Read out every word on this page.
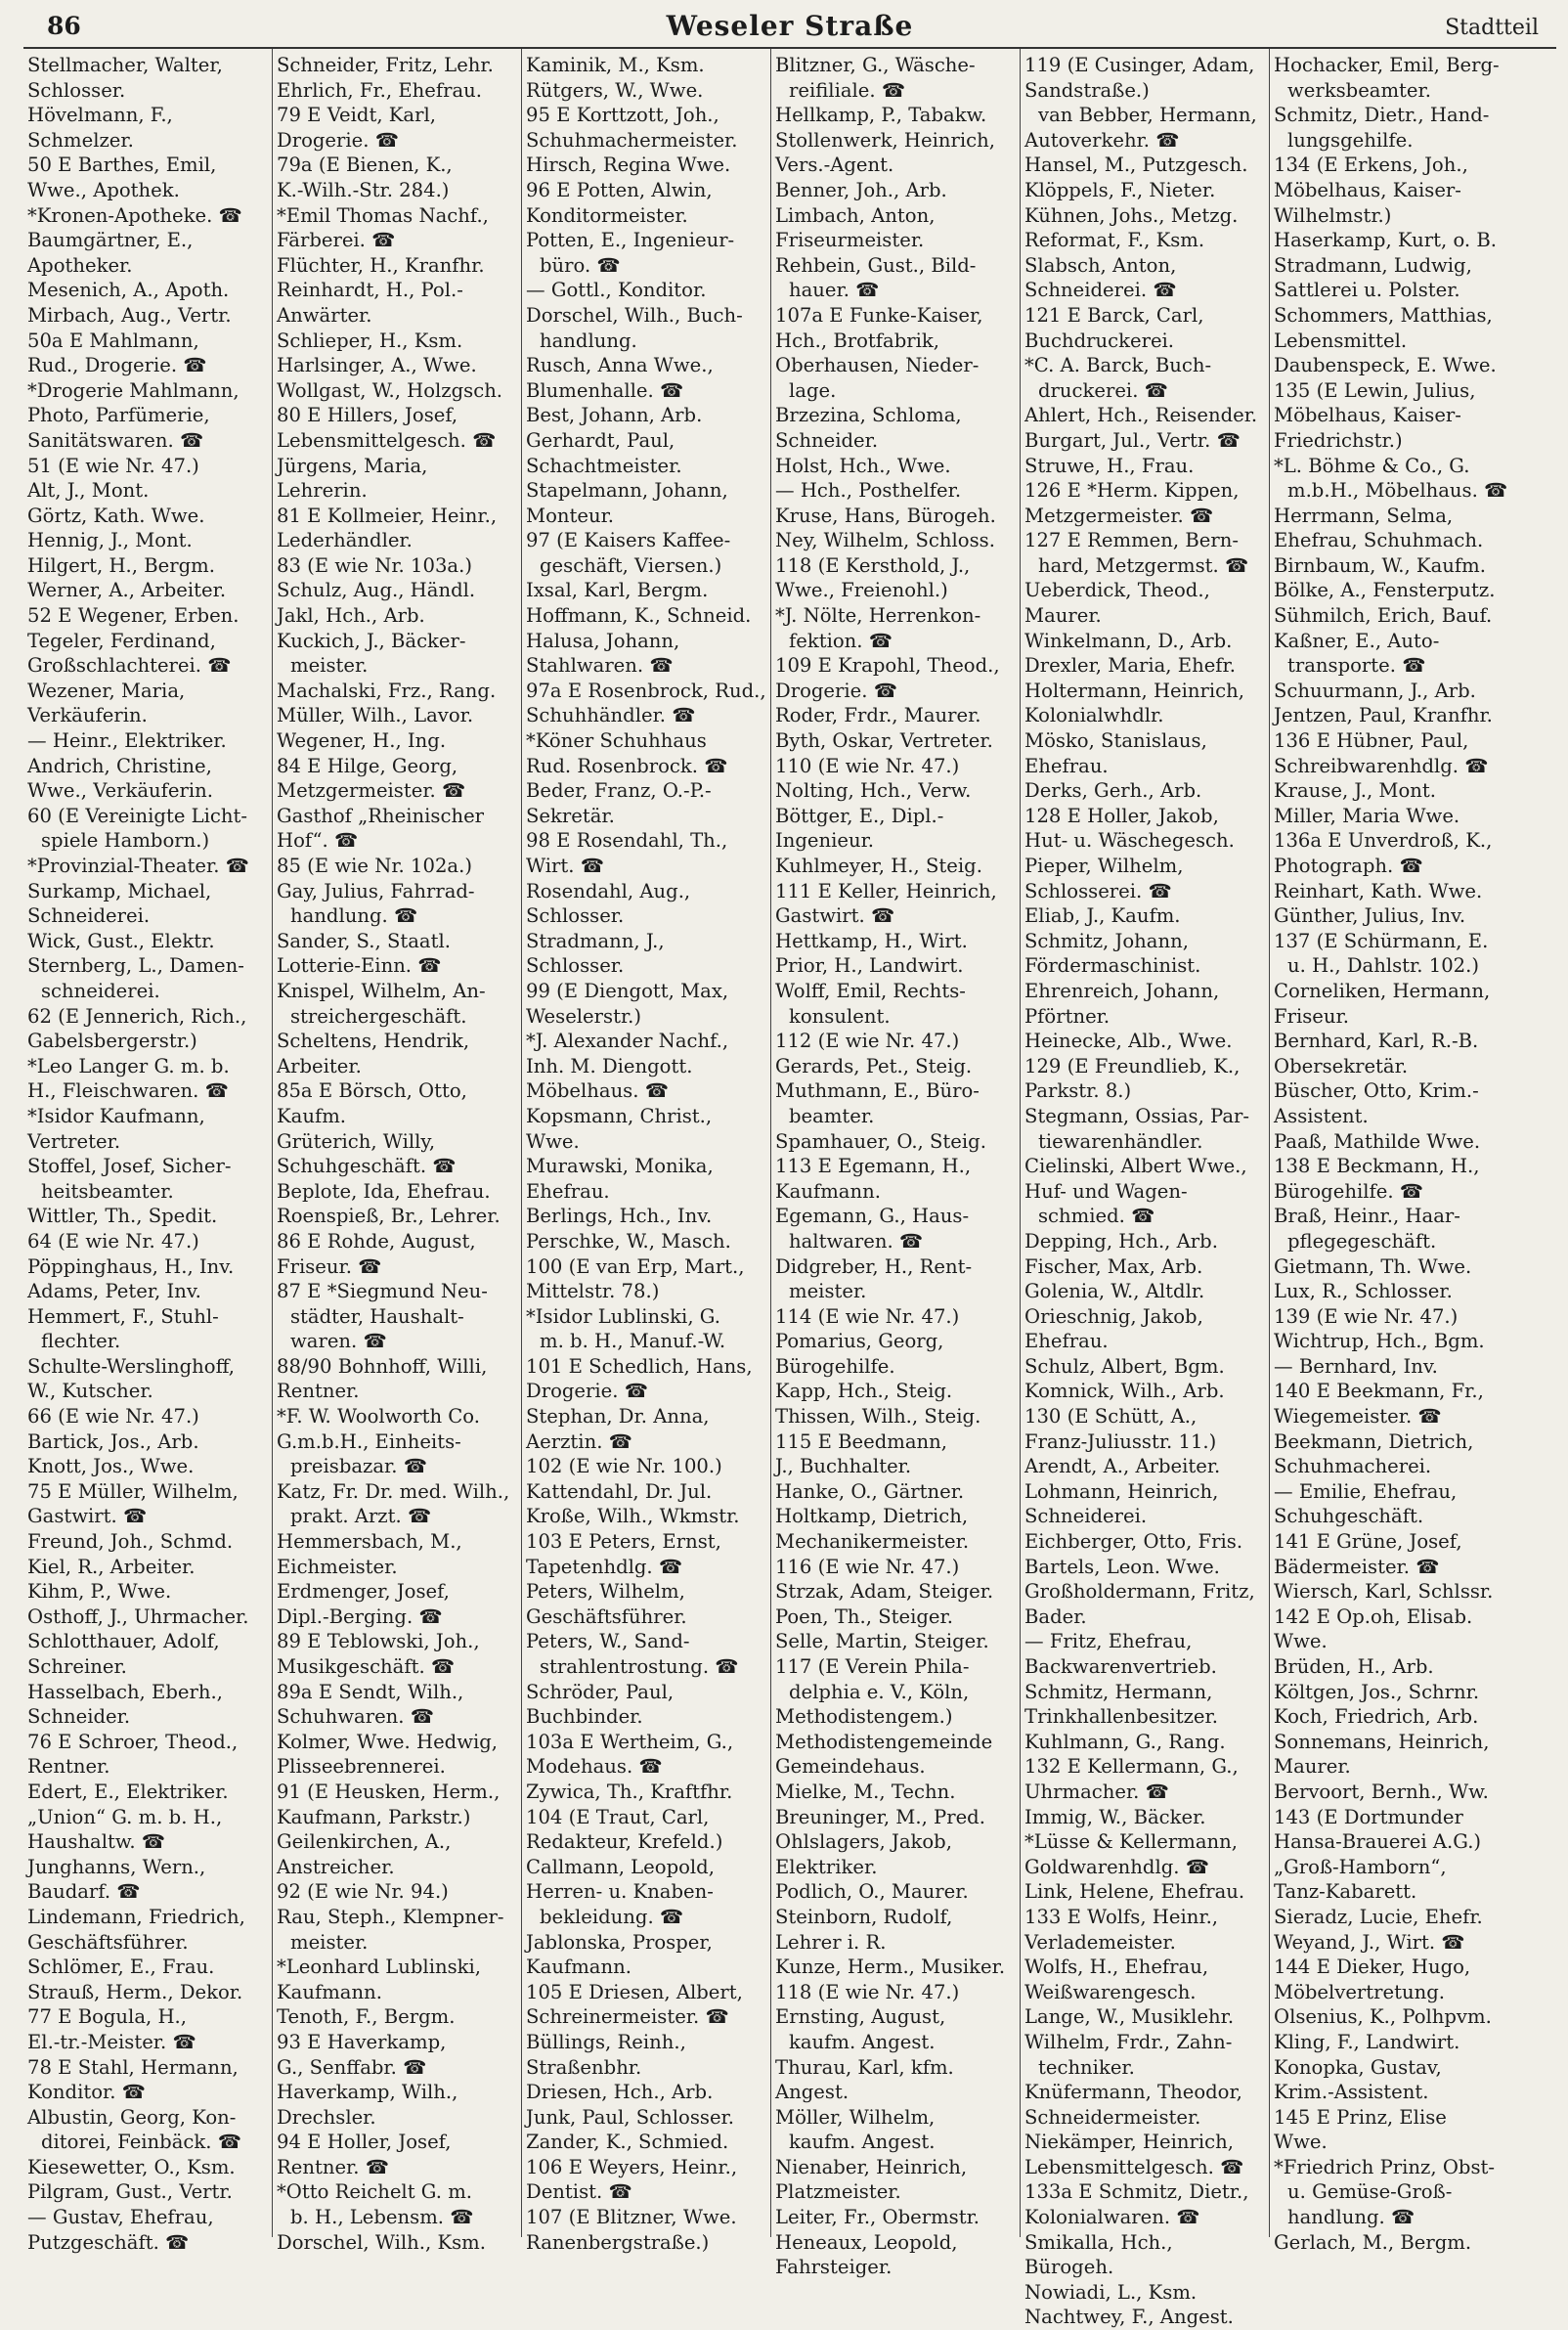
86	Weseler Straße	Stadtteil
Stellmacher, Walter,
Schlosser.
Hövelmann, F.,
Schmelzer.
50 E Barthes, Emil,
Wwe., Apothek.
*Kronen-Apotheke. ☎
Baumgärtner, E.,
Apotheker.
Mesenich, A., Apoth.
Mirbach, Aug., Vertr.
50a E Mahlmann,
Rud., Drogerie. ☎
*Drogerie Mahlmann,
Photo, Parfümerie,
Sanitätswaren. ☎
51 (E wie Nr. 47.)
Alt, J., Mont.
Görtz, Kath. Wwe.
Hennig, J., Mont.
Hilgert, H., Bergm.
Werner, A., Arbeiter.
52 E Wegener, Erben.
Tegeler, Ferdinand,
Großschlachterei. ☎
Wezener, Maria,
Verkäuferin.
— Heinr., Elektriker.
Andrich, Christine,
Wwe., Verkäuferin.
60 (E Vereinigte Licht-
spiele Hamborn.)
*Provinzial-Theater. ☎
Surkamp, Michael,
Schneiderei.
Wick, Gust., Elektr.
Sternberg, L., Damen-
schneiderei.
62 (E Jennerich, Rich.,
Gabelsbergerstr.)
*Leo Langer G. m. b.
H., Fleischwaren. ☎
*Isidor Kaufmann,
Vertreter.
Stoffel, Josef, Sicher-
heitsbeamter.
Wittler, Th., Spedit.
64 (E wie Nr. 47.)
Pöppinghaus, H., Inv.
Adams, Peter, Inv.
Hemmert, F., Stuhl-
flechter.
Schulte-Werslinghoff,
W., Kutscher.
66 (E wie Nr. 47.)
Bartick, Jos., Arb.
Knott, Jos., Wwe.
75 E Müller, Wilhelm,
Gastwirt. ☎
Freund, Joh., Schmd.
Kiel, R., Arbeiter.
Kihm, P., Wwe.
Osthoff, J., Uhrmacher.
Schlotthauer, Adolf,
Schreiner.
Hasselbach, Eberh.,
Schneider.
76 E Schroer, Theod.,
Rentner.
Edert, E., Elektriker.
„Union“ G. m. b. H.,
Haushaltw. ☎
Junghanns, Wern.,
Baudarf. ☎
Lindemann, Friedrich,
Geschäftsführer.
Schlömer, E., Frau.
Strauß, Herm., Dekor.
77 E Bogula, H.,
El.-tr.-Meister. ☎
78 E Stahl, Hermann,
Konditor. ☎
Albustin, Georg, Kon-
ditorei, Feinbäck. ☎
Kiesewetter, O., Ksm.
Pilgram, Gust., Vertr.
— Gustav, Ehefrau,
Putzgeschäft. ☎
Schneider, Fritz, Lehr.
Ehrlich, Fr., Ehefrau.
79 E Veidt, Karl,
Drogerie. ☎
79a (E Bienen, K.,
K.-Wilh.-Str. 284.)
*Emil Thomas Nachf.,
Färberei. ☎
Flüchter, H., Kranfhr.
Reinhardt, H., Pol.-
Anwärter.
Schlieper, H., Ksm.
Harlsinger, A., Wwe.
Wollgast, W., Holzgsch.
80 E Hillers, Josef,
Lebensmittelgesch. ☎
Jürgens, Maria,
Lehrerin.
81 E Kollmeier, Heinr.,
Lederhändler.
83 (E wie Nr. 103a.)
Schulz, Aug., Händl.
Jakl, Hch., Arb.
Kuckich, J., Bäcker-
meister.
Machalski, Frz., Rang.
Müller, Wilh., Lavor.
Wegener, H., Ing.
84 E Hilge, Georg,
Metzgermeister. ☎
Gasthof „Rheinischer
Hof“. ☎
85 (E wie Nr. 102a.)
Gay, Julius, Fahrrad-
handlung. ☎
Sander, S., Staatl.
Lotterie-Einn. ☎
Knispel, Wilhelm, An-
streichergeschäft.
Scheltens, Hendrik,
Arbeiter.
85a E Börsch, Otto,
Kaufm.
Grüterich, Willy,
Schuhgeschäft. ☎
Beplote, Ida, Ehefrau.
Roenspieß, Br., Lehrer.
86 E Rohde, August,
Friseur. ☎
87 E *Siegmund Neu-
städter, Haushalt-
waren. ☎
88/90 Bohnhoff, Willi,
Rentner.
*F. W. Woolworth Co.
G.m.b.H., Einheits-
preisbazar. ☎
Katz, Fr. Dr. med. Wilh.,
prakt. Arzt. ☎
Hemmersbach, M.,
Eichmeister.
Erdmenger, Josef,
Dipl.-Berging. ☎
89 E Teblowski, Joh.,
Musikgeschäft. ☎
89a E Sendt, Wilh.,
Schuhwaren. ☎
Kolmer, Wwe. Hedwig,
Plisseebrennerei.
91 (E Heusken, Herm.,
Kaufmann, Parkstr.)
Geilenkirchen, A.,
Anstreicher.
92 (E wie Nr. 94.)
Rau, Steph., Klempner-
meister.
*Leonhard Lublinski,
Kaufmann.
Tenoth, F., Bergm.
93 E Haverkamp,
G., Senffabr. ☎
Haverkamp, Wilh.,
Drechsler.
94 E Holler, Josef,
Rentner. ☎
*Otto Reichelt G. m.
b. H., Lebensm. ☎
Dorschel, Wilh., Ksm.
Kaminik, M., Ksm.
Rütgers, W., Wwe.
95 E Korttzott, Joh.,
Schuhmachermeister.
Hirsch, Regina Wwe.
96 E Potten, Alwin,
Konditormeister.
Potten, E., Ingenieur-
büro. ☎
— Gottl., Konditor.
Dorschel, Wilh., Buch-
handlung.
Rusch, Anna Wwe.,
Blumenhalle. ☎
Best, Johann, Arb.
Gerhardt, Paul,
Schachtmeister.
Stapelmann, Johann,
Monteur.
97 (E Kaisers Kaffee-
geschäft, Viersen.)
Ixsal, Karl, Bergm.
Hoffmann, K., Schneid.
Halusa, Johann,
Stahlwaren. ☎
97a E Rosenbrock, Rud.,
Schuhhändler. ☎
*Köner Schuhhaus
Rud. Rosenbrock. ☎
Beder, Franz, O.-P.-
Sekretär.
98 E Rosendahl, Th.,
Wirt. ☎
Rosendahl, Aug.,
Schlosser.
Stradmann, J.,
Schlosser.
99 (E Diengott, Max,
Weselerstr.)
*J. Alexander Nachf.,
Inh. M. Diengott.
Möbelhaus. ☎
Kopsmann, Christ.,
Wwe.
Murawski, Monika,
Ehefrau.
Berlings, Hch., Inv.
Perschke, W., Masch.
100 (E van Erp, Mart.,
Mittelstr. 78.)
*Isidor Lublinski, G.
m. b. H., Manuf.-W.
101 E Schedlich, Hans,
Drogerie. ☎
Stephan, Dr. Anna,
Aerztin. ☎
102 (E wie Nr. 100.)
Kattendahl, Dr. Jul.
Kroße, Wilh., Wkmstr.
103 E Peters, Ernst,
Tapetenhdlg. ☎
Peters, Wilhelm,
Geschäftsführer.
Peters, W., Sand-
strahlentrostung. ☎
Schröder, Paul,
Buchbinder.
103a E Wertheim, G.,
Modehaus. ☎
Zywica, Th., Kraftfhr.
104 (E Traut, Carl,
Redakteur, Krefeld.)
Callmann, Leopold,
Herren- u. Knaben-
bekleidung. ☎
Jablonska, Prosper,
Kaufmann.
105 E Driesen, Albert,
Schreinermeister. ☎
Büllings, Reinh.,
Straßenbhr.
Driesen, Hch., Arb.
Junk, Paul, Schlosser.
Zander, K., Schmied.
106 E Weyers, Heinr.,
Dentist. ☎
107 (E Blitzner, Wwe.
Ranenbergstraße.)
Blitzner, G., Wäsche-
reifiliale. ☎
Hellkamp, P., Tabakw.
Stollenwerk, Heinrich,
Vers.-Agent.
Benner, Joh., Arb.
Limbach, Anton,
Friseurmeister.
Rehbein, Gust., Bild-
hauer. ☎
107a E Funke-Kaiser,
Hch., Brotfabrik,
Oberhausen, Nieder-
lage.
Brzezina, Schloma,
Schneider.
Holst, Hch., Wwe.
— Hch., Posthelfer.
Kruse, Hans, Bürogeh.
Ney, Wilhelm, Schloss.
118 (E Kersthold, J.,
Wwe., Freienohl.)
*J. Nölte, Herrenkon-
fektion. ☎
109 E Krapohl, Theod.,
Drogerie. ☎
Roder, Frdr., Maurer.
Byth, Oskar, Vertreter.
110 (E wie Nr. 47.)
Nolting, Hch., Verw.
Böttger, E., Dipl.-
Ingenieur.
Kuhlmeyer, H., Steig.
111 E Keller, Heinrich,
Gastwirt. ☎
Hettkamp, H., Wirt.
Prior, H., Landwirt.
Wolff, Emil, Rechts-
konsulent.
112 (E wie Nr. 47.)
Gerards, Pet., Steig.
Muthmann, E., Büro-
beamter.
Spamhauer, O., Steig.
113 E Egemann, H.,
Kaufmann.
Egemann, G., Haus-
haltwaren. ☎
Didgreber, H., Rent-
meister.
114 (E wie Nr. 47.)
Pomarius, Georg,
Bürogehilfe.
Kapp, Hch., Steig.
Thissen, Wilh., Steig.
115 E Beedmann,
J., Buchhalter.
Hanke, O., Gärtner.
Holtkamp, Dietrich,
Mechanikermeister.
116 (E wie Nr. 47.)
Strzak, Adam, Steiger.
Poen, Th., Steiger.
Selle, Martin, Steiger.
117 (E Verein Phila-
delphia e. V., Köln,
Methodistengem.)
Methodistengemeinde
Gemeindehaus.
Mielke, M., Techn.
Breuninger, M., Pred.
Ohlslagers, Jakob,
Elektriker.
Podlich, O., Maurer.
Steinborn, Rudolf,
Lehrer i. R.
Kunze, Herm., Musiker.
118 (E wie Nr. 47.)
Ernsting, August,
kaufm. Angest.
Thurau, Karl, kfm.
Angest.
Möller, Wilhelm,
kaufm. Angest.
Nienaber, Heinrich,
Platzmeister.
Leiter, Fr., Obermstr.
Heneaux, Leopold,
Fahrsteiger.
119 (E Cusinger, Adam,
Sandstraße.)
van Bebber, Hermann,
Autoverkehr. ☎
Hansel, M., Putzgesch.
Klöppels, F., Nieter.
Kühnen, Johs., Metzg.
Reformat, F., Ksm.
Slabsch, Anton,
Schneiderei. ☎
121 E Barck, Carl,
Buchdruckerei.
*C. A. Barck, Buch-
druckerei. ☎
Ahlert, Hch., Reisender.
Burgart, Jul., Vertr. ☎
Struwe, H., Frau.
126 E *Herm. Kippen,
Metzgermeister. ☎
127 E Remmen, Bern-
hard, Metzgermst. ☎
Ueberdick, Theod.,
Maurer.
Winkelmann, D., Arb.
Drexler, Maria, Ehefr.
Holtermann, Heinrich,
Kolonialwhdlr.
Mösko, Stanislaus,
Ehefrau.
Derks, Gerh., Arb.
128 E Holler, Jakob,
Hut- u. Wäschegesch.
Pieper, Wilhelm,
Schlosserei. ☎
Eliab, J., Kaufm.
Schmitz, Johann,
Fördermaschinist.
Ehrenreich, Johann,
Pförtner.
Heinecke, Alb., Wwe.
129 (E Freundlieb, K.,
Parkstr. 8.)
Stegmann, Ossias, Par-
tiewarenhändler.
Cielinski, Albert Wwe.,
Huf- und Wagen-
schmied. ☎
Depping, Hch., Arb.
Fischer, Max, Arb.
Golenia, W., Altdlr.
Orieschnig, Jakob,
Ehefrau.
Schulz, Albert, Bgm.
Komnick, Wilh., Arb.
130 (E Schütt, A.,
Franz-Juliusstr. 11.)
Arendt, A., Arbeiter.
Lohmann, Heinrich,
Schneiderei.
Eichberger, Otto, Fris.
Bartels, Leon. Wwe.
Großholdermann, Fritz,
Bader.
— Fritz, Ehefrau,
Backwarenvertrieb.
Schmitz, Hermann,
Trinkhallenbesitzer.
Kuhlmann, G., Rang.
132 E Kellermann, G.,
Uhrmacher. ☎
Immig, W., Bäcker.
*Lüsse & Kellermann,
Goldwarenhdlg. ☎
Link, Helene, Ehefrau.
133 E Wolfs, Heinr.,
Verlademeister.
Wolfs, H., Ehefrau,
Weißwarengesch.
Lange, W., Musiklehr.
Wilhelm, Frdr., Zahn-
techniker.
Knüfermann, Theodor,
Schneidermeister.
Niekämper, Heinrich,
Lebensmittelgesch. ☎
133a E Schmitz, Dietr.,
Kolonialwaren. ☎
Smikalla, Hch., Bürogeh.
Nowiadi, L., Ksm.
Nachtwey, F., Angest.
Hochacker, Emil, Berg-
werksbeamter.
Schmitz, Dietr., Hand-
lungsgehilfe.
134 (E Erkens, Joh.,
Möbelhaus, Kaiser-
Wilhelmstr.)
Haserkamp, Kurt, o. B.
Stradmann, Ludwig,
Sattlerei u. Polster.
Schommers, Matthias,
Lebensmittel.
Daubenspeck, E. Wwe.
135 (E Lewin, Julius,
Möbelhaus, Kaiser-
Friedrichstr.)
*L. Böhme & Co., G.
m.b.H., Möbelhaus. ☎
Herrmann, Selma,
Ehefrau, Schuhmach.
Birnbaum, W., Kaufm.
Bölke, A., Fensterputz.
Sühmilch, Erich, Bauf.
Kaßner, E., Auto-
transporte. ☎
Schuurmann, J., Arb.
Jentzen, Paul, Kranfhr.
136 E Hübner, Paul,
Schreibwarenhdlg. ☎
Krause, J., Mont.
Miller, Maria Wwe.
136a E Unverdroß, K.,
Photograph. ☎
Reinhart, Kath. Wwe.
Günther, Julius, Inv.
137 (E Schürmann, E.
u. H., Dahlstr. 102.)
Corneliken, Hermann,
Friseur.
Bernhard, Karl, R.-B.
Obersekretär.
Büscher, Otto, Krim.-
Assistent.
Paaß, Mathilde Wwe.
138 E Beckmann, H.,
Bürogehilfe. ☎
Braß, Heinr., Haar-
pflegegeschäft.
Gietmann, Th. Wwe.
Lux, R., Schlosser.
139 (E wie Nr. 47.)
Wichtrup, Hch., Bgm.
— Bernhard, Inv.
140 E Beekmann, Fr.,
Wiegemeister. ☎
Beekmann, Dietrich,
Schuhmacherei.
— Emilie, Ehefrau,
Schuhgeschäft.
141 E Grüne, Josef,
Bädermeister. ☎
Wiersch, Karl, Schlssr.
142 E Op.oh, Elisab.
Wwe.
Brüden, H., Arb.
Költgen, Jos., Schrnr.
Koch, Friedrich, Arb.
Sonnemans, Heinrich,
Maurer.
Bervoort, Bernh., Ww.
143 (E Dortmunder
Hansa-Brauerei A.G.)
„Groß-Hamborn“,
Tanz-Kabarett.
Sieradz, Lucie, Ehefr.
Weyand, J., Wirt. ☎
144 E Dieker, Hugo,
Möbelvertretung.
Olsenius, K., Polhpvm.
Kling, F., Landwirt.
Konopka, Gustav,
Krim.-Assistent.
145 E Prinz, Elise
Wwe.
*Friedrich Prinz, Obst-
u. Gemüse-Groß-
handlung. ☎
Gerlach, M., Bergm.
